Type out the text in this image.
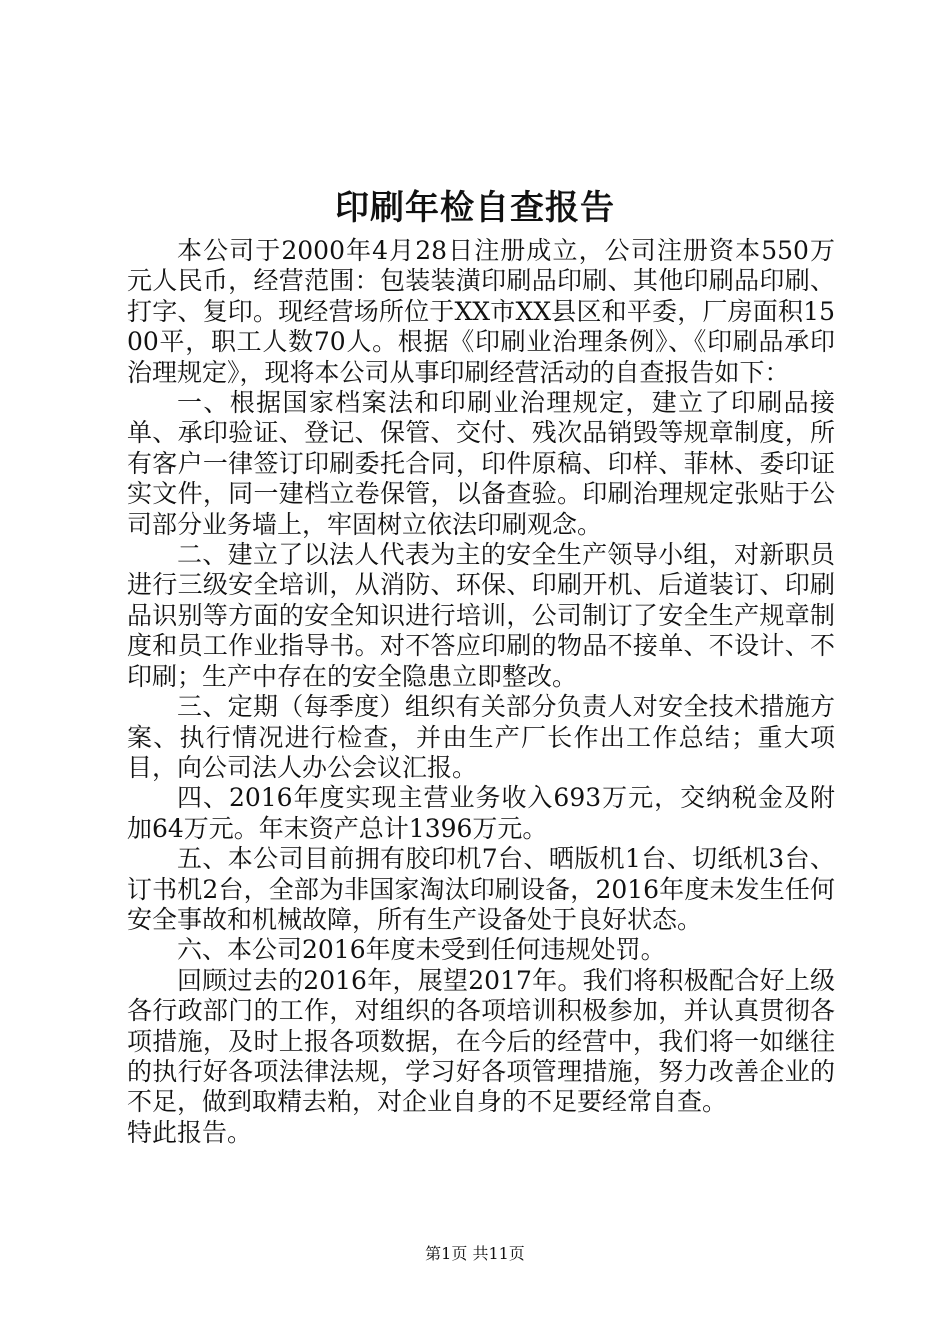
印刷年检自查报告

本公司于2000年4月28日注册成立，公司注册资本550万元人民币，经营范围：包装装潢印刷品印刷、其他印刷品印刷、打字、复印。现经营场所位于XX市XX县区和平委，厂房面积1500平，职工人数70人。根据《印刷业治理条例》、《印刷品承印治理规定》，现将本公司从事印刷经营活动的自查报告如下：

一、根据国家档案法和印刷业治理规定，建立了印刷品接单、承印验证、登记、保管、交付、残次品销毁等规章制度，所有客户一律签订印刷委托合同，印件原稿、印样、菲林、委印证实文件，同一建档立卷保管，以备查验。印刷治理规定张贴于公司部分业务墙上，牢固树立依法印刷观念。

二、建立了以法人代表为主的安全生产领导小组，对新职员进行三级安全培训，从消防、环保、印刷开机、后道装订、印刷品识别等方面的安全知识进行培训，公司制订了安全生产规章制度和员工作业指导书。对不答应印刷的物品不接单、不设计、不印刷；生产中存在的安全隐患立即整改。

三、定期（每季度）组织有关部分负责人对安全技术措施方案、执行情况进行检查，并由生产厂长作出工作总结；重大项目，向公司法人办公会议汇报。

四、2016年度实现主营业务收入693万元，交纳税金及附加64万元。年末资产总计1396万元。

五、本公司目前拥有胶印机7台、晒版机1台、切纸机3台、订书机2台，全部为非国家淘汰印刷设备，2016年度未发生任何安全事故和机械故障，所有生产设备处于良好状态。

六、本公司2016年度未受到任何违规处罚。

回顾过去的2016年，展望2017年。我们将积极配合好上级各行政部门的工作，对组织的各项培训积极参加，并认真贯彻各项措施，及时上报各项数据，在今后的经营中，我们将一如继往的执行好各项法律法规，学习好各项管理措施，努力改善企业的不足，做到取精去粕，对企业自身的不足要经常自查。

特此报告。

第1页 共11页
